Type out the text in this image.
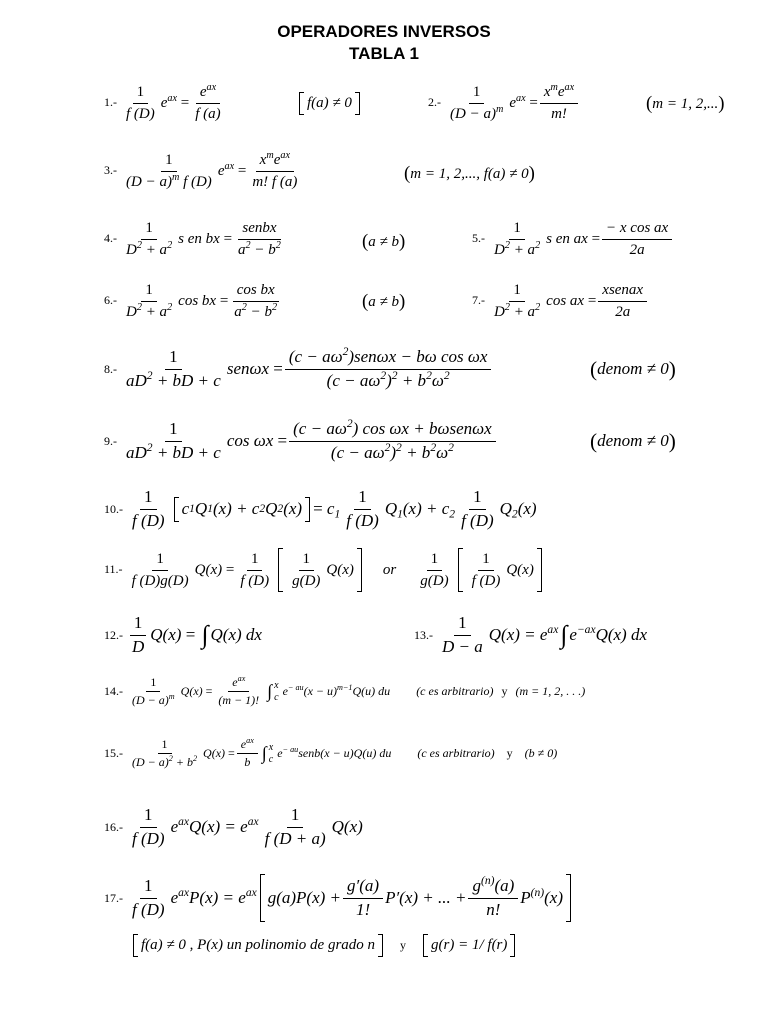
OPERADORES INVERSOS
TABLA 1
$1.- \frac{1}{f (D)} e^{ax} = \frac{e^{ax}}{f (a)}$	f(a) ≠ 0	$2.- \frac{1}{(D - a)^m} e^{ax} = \frac{x^me^{ax}}{m!}$	( m = 1, 2,... )
$3.- \frac{1}{(D - a)^m f (D)} e^{ax} = \frac{x^me^{ax}}{m! f (a)}$	( m = 1, 2,..., f(a) ≠ 0 )
$4.- \frac{1}{D^2 + a^2}$ s en bx = $\frac{\text{senbx}}{a^2 - b^2}$	( a ≠ b )	$5.- \frac{1}{D^2 + a^2}$ s en ax = $\frac{\text{− x cos ax}}{2a}$
$6.- \frac{1}{D^2 + a^2}$ cos bx = $\frac{\text{cos bx}}{a^2 - b^2}$	( a ≠ b )	$7.- \frac{1}{D^2 + a^2}$ cos ax = $\frac{\text{xsenax}}{2a}$
$8.- \frac{1}{aD^2 + bD + c}$ $sen\omega x = \frac{(c - a\omega^2)sen\omega x - b\omega \cos \omega x}{(c - a\omega^2)^2 + b^2\omega^2}$	( denom ≠ 0 )
$9.- \frac{1}{aD^2 + bD + c}$ $\cos \omega x = \frac{(c - a\omega^2) \cos \omega x + b\omega sen\omega x}{(c - a\omega^2)^2 + b^2\omega^2}$	( denom ≠ 0 )
$10.- \frac{1}{f (D)}$ c 1 Q 1 (x) + c 2 Q 2 $(x) = c_1 \frac{1}{f (D)} Q_1(x) + c_2 \frac{1}{f (D)} Q_2(x)$
$11.- \frac{1}{f (D)g(D)} Q(x) = \frac{1}{f (D)} \frac{1}{g(D)} Q(x)$ or $\frac{1}{g(D)} \frac{1}{f (D)} Q(x)$
$12.- \frac{1}{D} Q(x)$ = ∫ Q(x) dx	$13.- \frac{1}{D - a} Q(x) = e^{ax}$ ∫ $e^{-ax}Q(x)$ dx
$14.- \frac{1}{(D - a)^m} Q(x) = \frac{e^{ax}}{(m - 1)!}$ ∫ x
c $e^{- au}(x - u)^{m-1}Q(u)$ du (c es arbitrario) y (m = 1, 2, . . .)
$15.- \frac{1}{(D - a)^2 + b^2} Q(x) = \frac{e^{ax}}{b}$ ∫ x
c $e^{- au}senb(x - u)Q(u)$ du (c es arbitrario) y (b ≠ 0)
$16.- \frac{1}{f (D)} e^{ax}Q(x) = e^{ax} \frac{1}{f (D + a)} Q(x)$
$17.- \frac{1}{f (D)} e^{ax}P(x) = e^{ax}$ $g(a)P(x) + \frac{g'(a)}{1!} P'(x)$ + ... + $\frac{g^{(n)}(a)}{n!} P^{(n)}(x)$
f(a) ≠ 0 , P(x) un polinomio de grado n y g(r) = 1/ f(r)
